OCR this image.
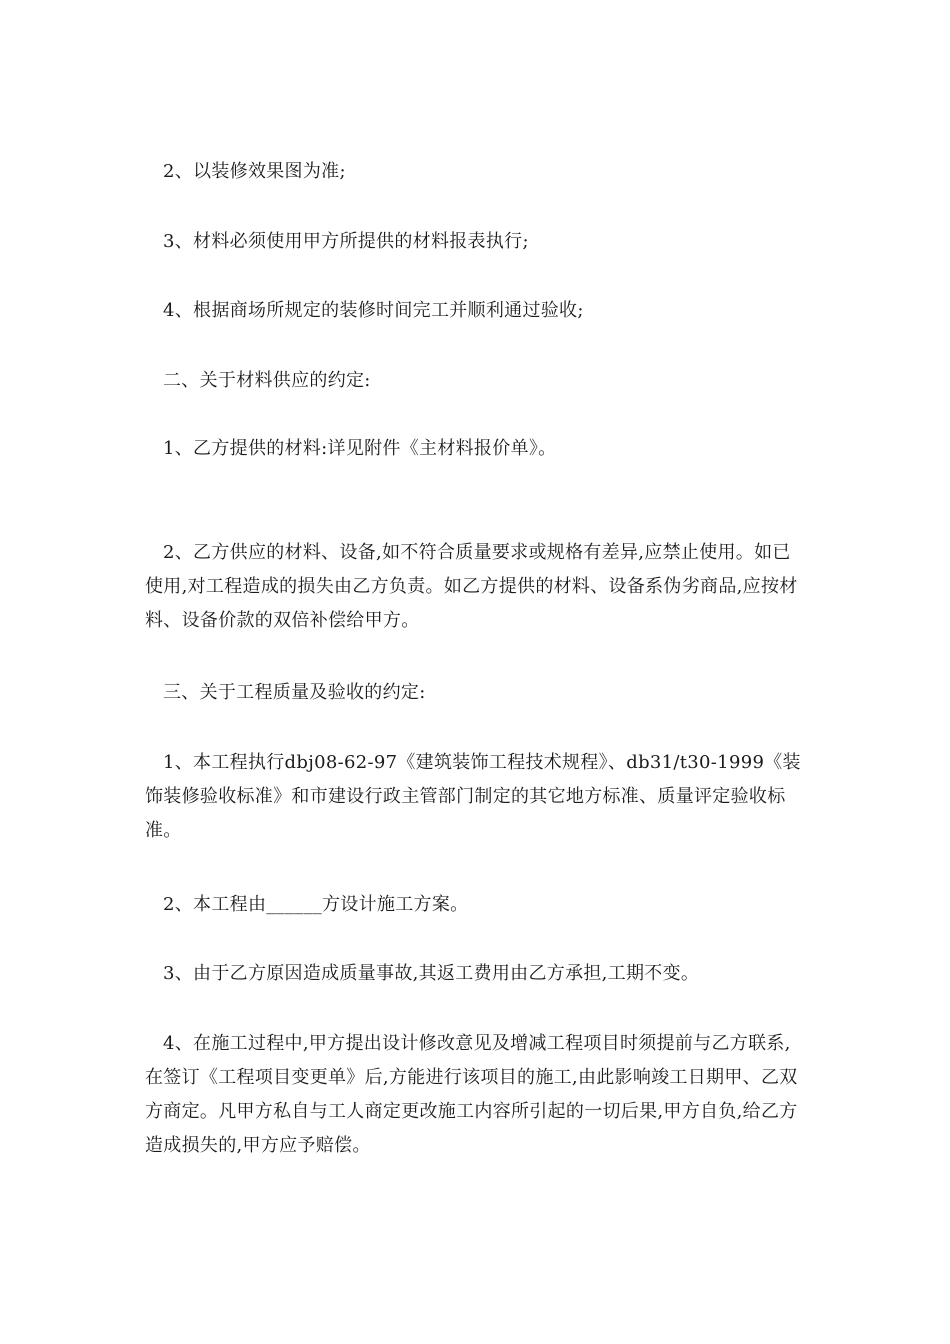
2、以装修效果图为准;

3、材料必须使用甲方所提供的材料报表执行;

4、根据商场所规定的装修时间完工并顺利通过验收;

二、关于材料供应的约定:

1、乙方提供的材料:详见附件《主材料报价单》。

2、乙方供应的材料、设备,如不符合质量要求或规格有差异,应禁止使用。如已使用,对工程造成的损失由乙方负责。如乙方提供的材料、设备系伪劣商品,应按材料、设备价款的双倍补偿给甲方。

三、关于工程质量及验收的约定:

1、本工程执行dbj08-62-97《建筑装饰工程技术规程》、db31/t30-1999《装饰装修验收标准》和市建设行政主管部门制定的其它地方标准、质量评定验收标准。

2、本工程由______方设计施工方案。

3、由于乙方原因造成质量事故,其返工费用由乙方承担,工期不变。

4、在施工过程中,甲方提出设计修改意见及增减工程项目时须提前与乙方联系,在签订《工程项目变更单》后,方能进行该项目的施工,由此影响竣工日期甲、乙双方商定。凡甲方私自与工人商定更改施工内容所引起的一切后果,甲方自负,给乙方造成损失的,甲方应予赔偿。
